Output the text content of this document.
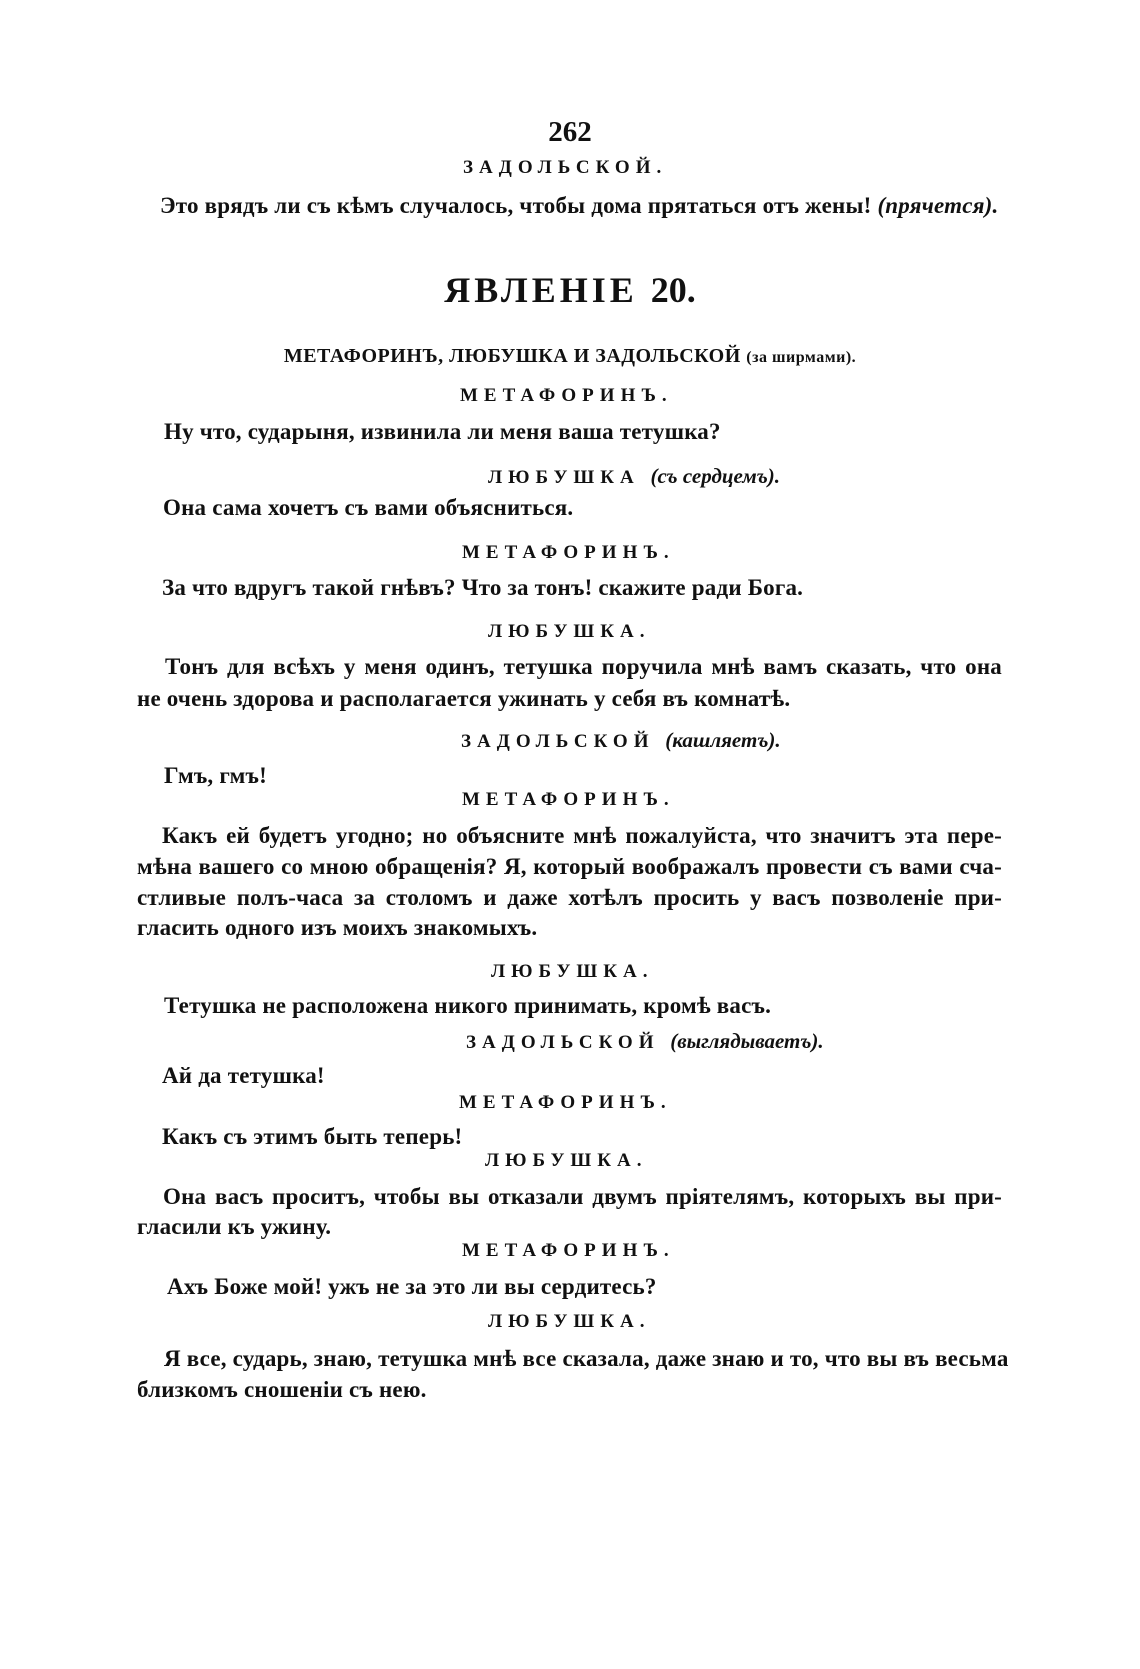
262
ЗАДОЛЬСКОЙ.
Это врядъ ли съ кѣмъ случалось, чтобы дома прятаться отъ жены! (прячется).
ЯВЛЕНІЕ 20.
МЕТАФОРИНЪ, ЛЮБУШКА И ЗАДОЛЬСКОЙ (за ширмами).
МЕТАФОРИНЪ.
Ну что, сударыня, извинила ли меня ваша тетушка?
ЛЮБУШКА (съ сердцемъ).
Она сама хочетъ съ вами объясниться.
МЕТАФОРИНЪ.
За что вдругъ такой гнѣвъ? Что за тонъ! скажите ради Бога.
ЛЮБУШКА.
Тонъ для всѣхъ у меня одинъ, тетушка поручила мнѣ вамъ сказать, что она
не очень здорова и располагается ужинать у себя въ комнатѣ.
ЗАДОЛЬСКОЙ (кашляетъ).
Гмъ, гмъ!
МЕТАФОРИНЪ.
Какъ ей будетъ угодно; но объясните мнѣ пожалуйста, что значитъ эта пере-
мѣна вашего со мною обращенія? Я, который воображалъ провести съ вами сча-
стливые полъ-часа за столомъ и даже хотѣлъ просить у васъ позволеніе при-
гласить одного изъ моихъ знакомыхъ.
ЛЮБУШКА.
Тетушка не расположена никого принимать, кромѣ васъ.
ЗАДОЛЬСКОЙ (выглядываетъ).
Ай да тетушка!
МЕТАФОРИНЪ.
Какъ съ этимъ быть теперь!
ЛЮБУШКА.
Она васъ проситъ, чтобы вы отказали двумъ пріятелямъ, которыхъ вы при-
гласили къ ужину.
МЕТАФОРИНЪ.
Ахъ Боже мой! ужъ не за это ли вы сердитесь?
ЛЮБУШКА.
Я все, сударь, знаю, тетушка мнѣ все сказала, даже знаю и то, что вы въ весьма
близкомъ сношеніи съ нею.
